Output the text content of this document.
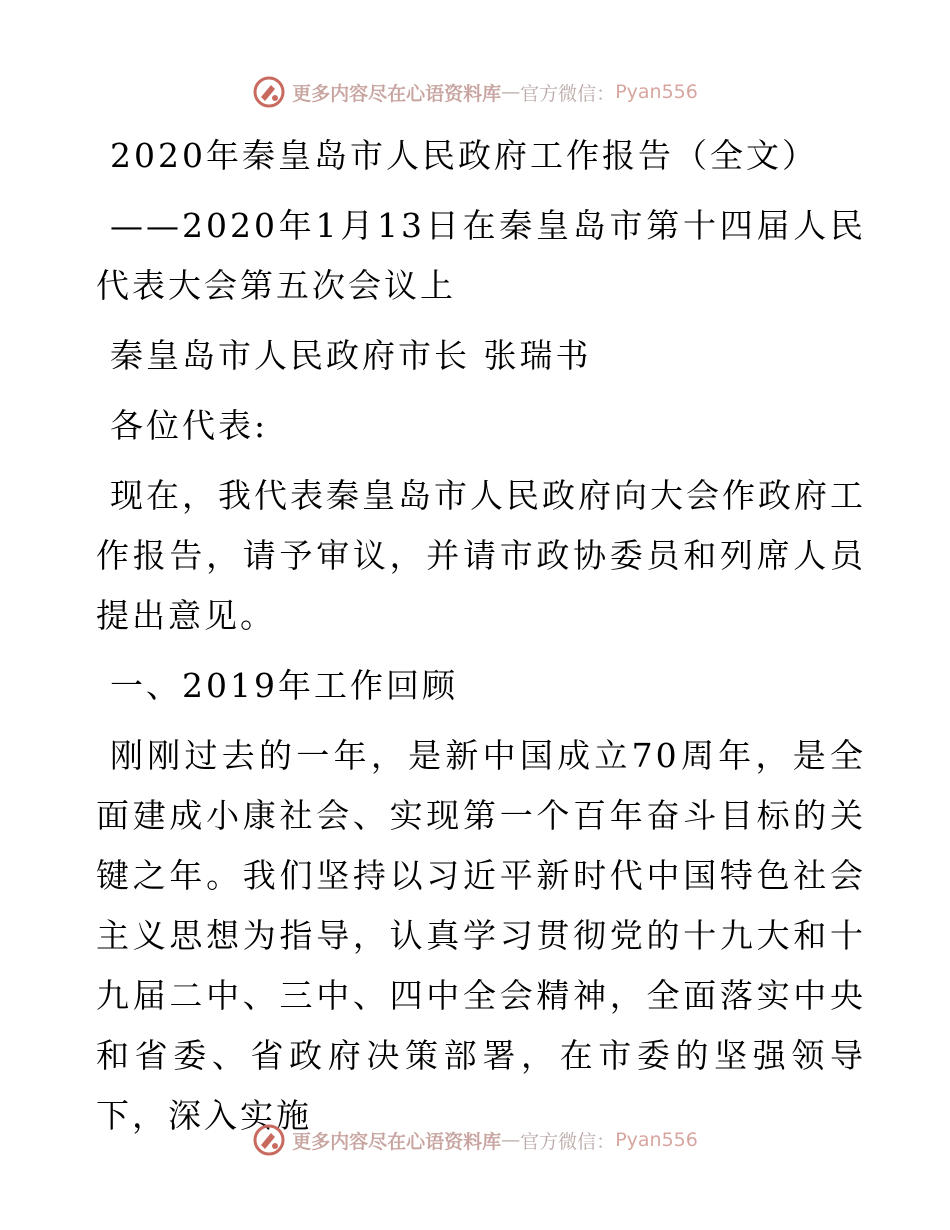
更多内容尽在心语资料库 — 官方微信： Pyan556

2020年秦皇岛市人民政府工作报告（全文）

——2020年1月13日在秦皇岛市第十四届人民代表大会第五次会议上

秦皇岛市人民政府市长 张瑞书

各位代表:

现在，我代表秦皇岛市人民政府向大会作政府工作报告，请予审议，并请市政协委员和列席人员提出意见。

一、2019年工作回顾

刚刚过去的一年，是新中国成立70周年，是全面建成小康社会、实现第一个百年奋斗目标的关键之年。我们坚持以习近平新时代中国特色社会主义思想为指导，认真学习贯彻党的十九大和十九届二中、三中、四中全会精神，全面落实中央和省委、省政府决策部署，在市委的坚强领导下，深入实施

更多内容尽在心语资料库 — 官方微信： Pyan556
